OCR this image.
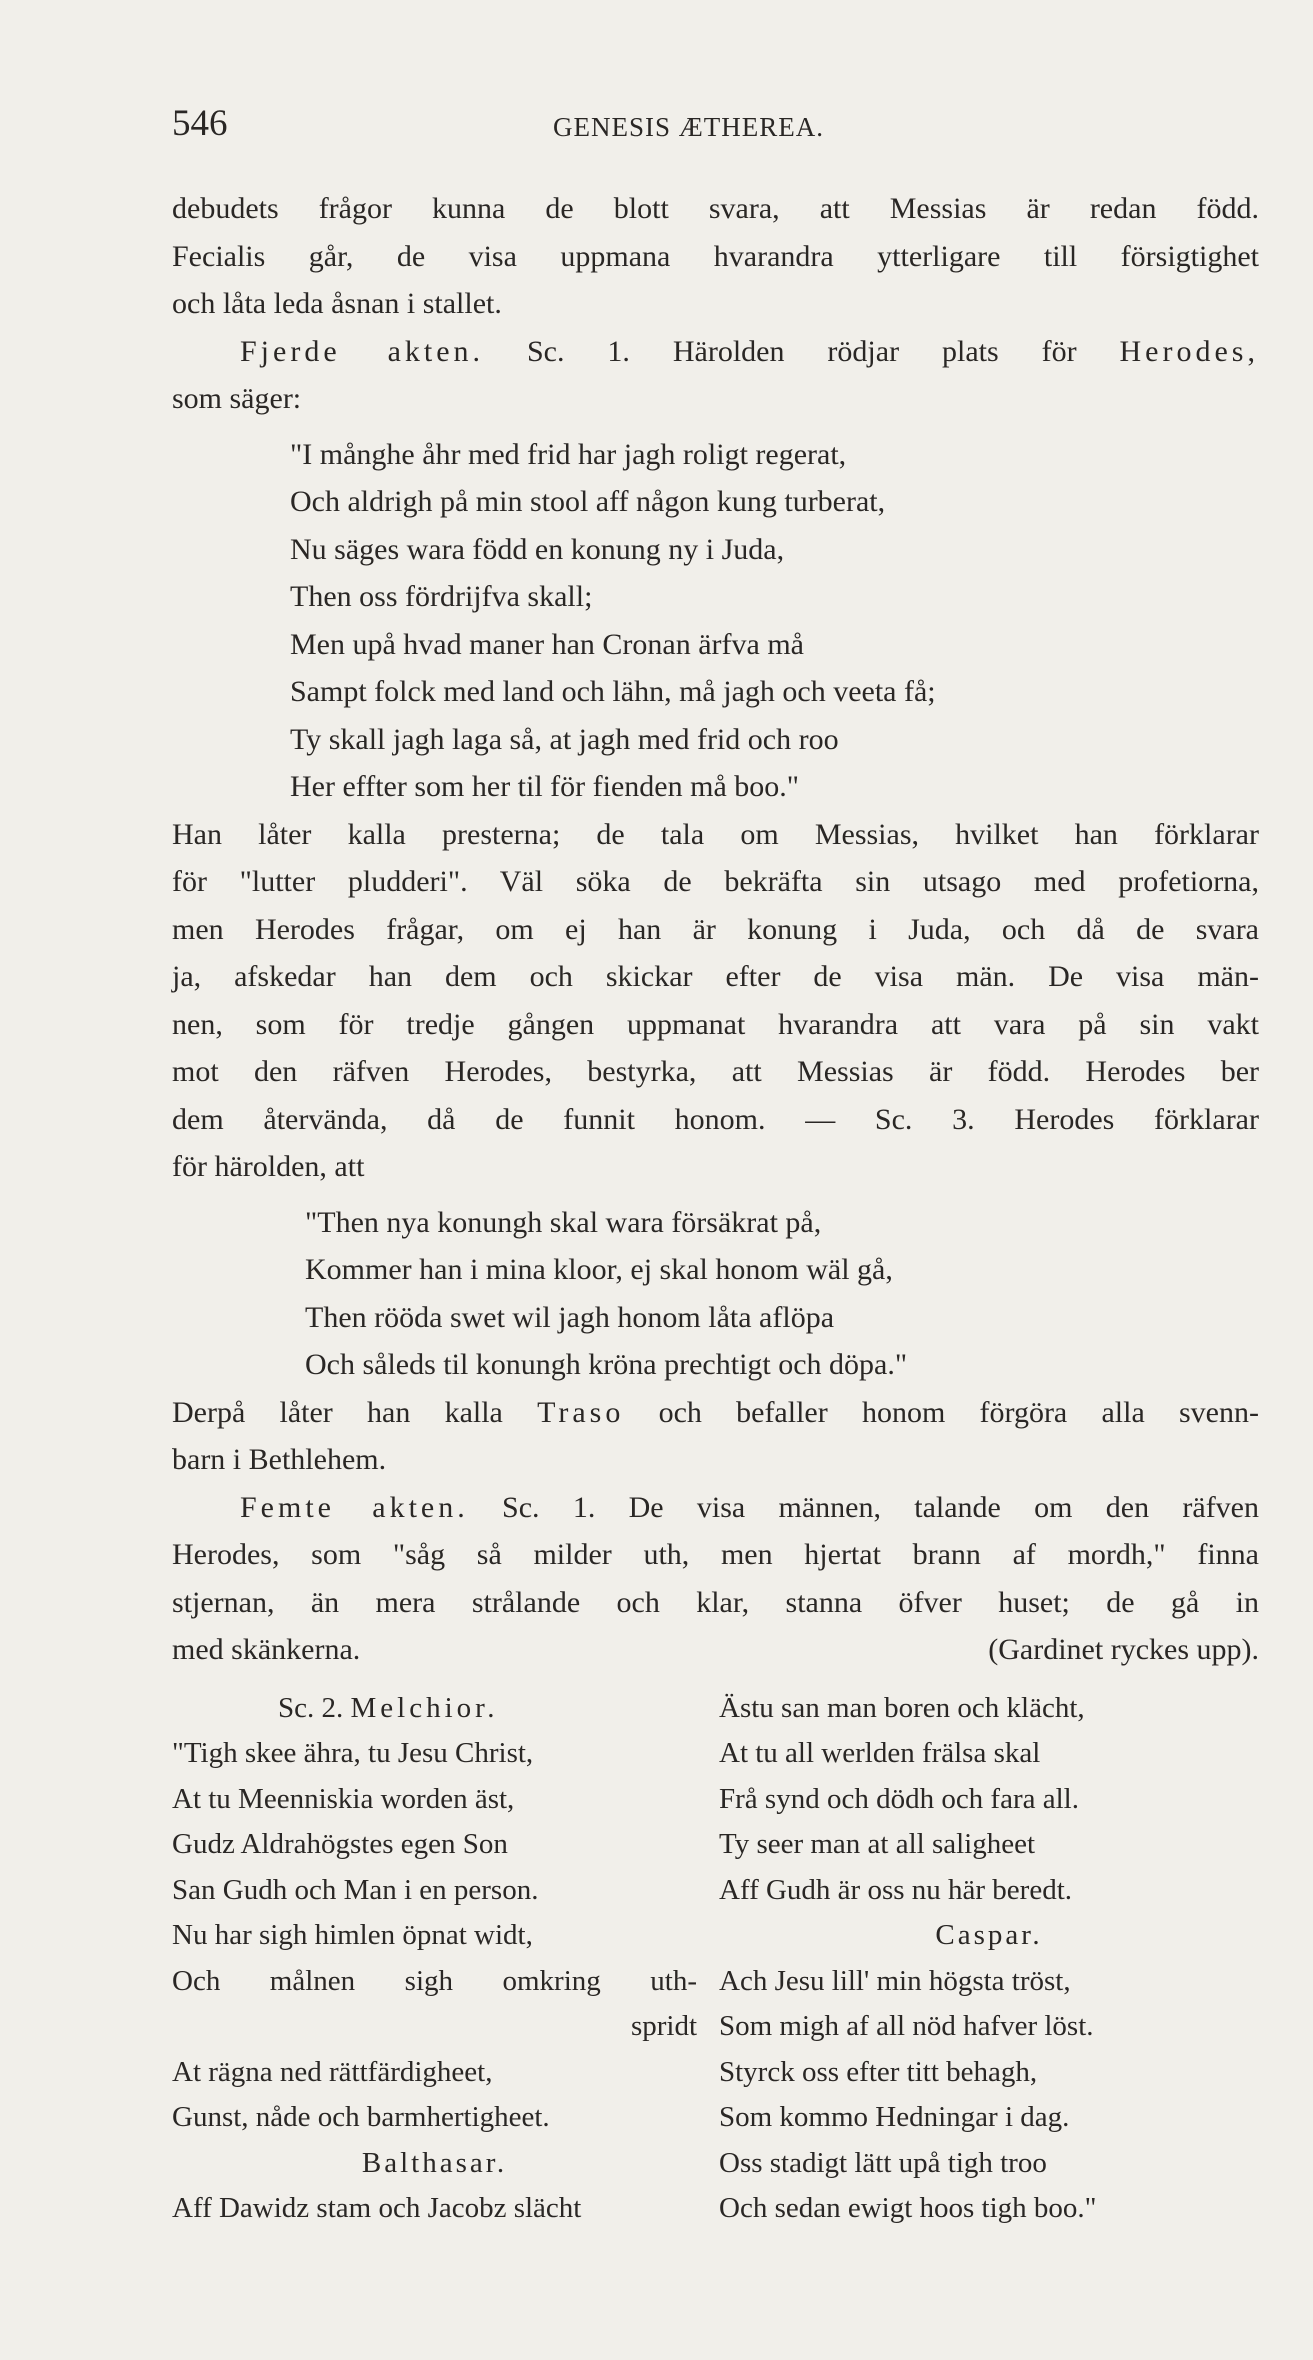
546	GENESIS ÆTHEREA.
debudets frågor kunna de blott svara, att Messias är redan född.
Fecialis går, de visa uppmana hvarandra ytterligare till försigtighet
och låta leda åsnan i stallet.
Fjerde akten. Sc. 1. Härolden rödjar plats för Herodes,
som säger:
"I månghe åhr med frid har jagh roligt regerat,
Och aldrigh på min stool aff någon kung turberat,
Nu säges wara född en konung ny i Juda,
Then oss fördrijfva skall;
Men upå hvad maner han Cronan ärfva må
Sampt folck med land och lähn, må jagh och veeta få;
Ty skall jagh laga så, at jagh med frid och roo
Her effter som her til för fienden må boo."
Han låter kalla presterna; de tala om Messias, hvilket han förklarar
för "lutter pludderi". Väl söka de bekräfta sin utsago med profetiorna,
men Herodes frågar, om ej han är konung i Juda, och då de svara
ja, afskedar han dem och skickar efter de visa män. De visa män-
nen, som för tredje gången uppmanat hvarandra att vara på sin vakt
mot den räfven Herodes, bestyrka, att Messias är född. Herodes ber
dem återvända, då de funnit honom. — Sc. 3. Herodes förklarar
för härolden, att
"Then nya konungh skal wara försäkrat på,
Kommer han i mina kloor, ej skal honom wäl gå,
Then rööda swet wil jagh honom låta aflöpa
Och såleds til konungh kröna prechtigt och döpa."
Derpå låter han kalla Traso och befaller honom förgöra alla svenn-
barn i Bethlehem.
Femte akten. Sc. 1. De visa männen, talande om den räfven
Herodes, som "såg så milder uth, men hjertat brann af mordh," finna
stjernan, än mera strålande och klar, stanna öfver huset; de gå in
med skänkerna.	(Gardinet ryckes upp).
Sc. 2. Melchior.
"Tigh skee ähra, tu Jesu Christ,
At tu Meenniskia worden äst,
Gudz Aldrahögstes egen Son
San Gudh och Man i en person.
Nu har sigh himlen öpnat widt,
Och målnen sigh omkring uth-
spridt
At rägna ned rättfärdigheet,
Gunst, nåde och barmhertigheet.
Balthasar.
Aff Dawidz stam och Jacobz slächt
Ästu san man boren och klächt,
At tu all werlden frälsa skal
Frå synd och dödh och fara all.
Ty seer man at all saligheet
Aff Gudh är oss nu här beredt.
Caspar.
Ach Jesu lill' min högsta tröst,
Som migh af all nöd hafver löst.
Styrck oss efter titt behagh,
Som kommo Hedningar i dag.
Oss stadigt lätt upå tigh troo
Och sedan ewigt hoos tigh boo."
